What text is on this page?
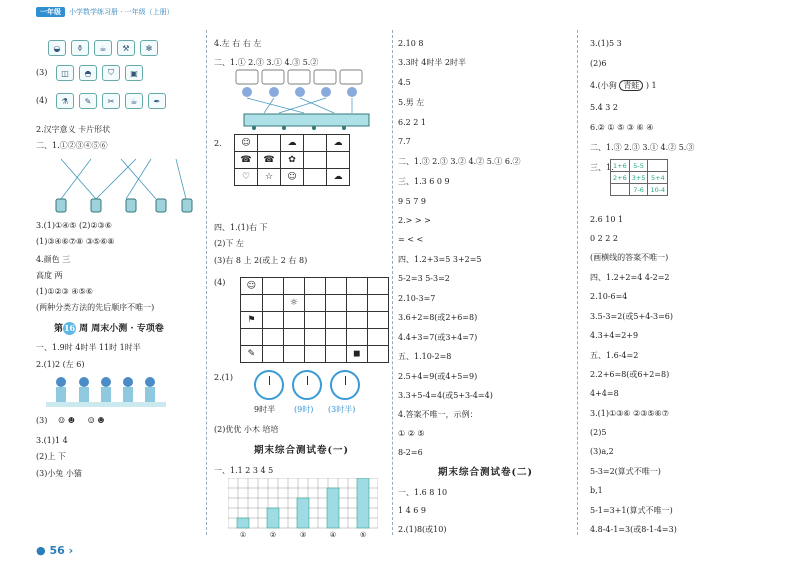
一年级	小学数学练习册 · 一年级（上册）
◒	⚱	☕	⚒	✻
(3)	◫	◓	⛉	▣
(4)	⚗	✎	✂	☕	✒
2.汉字意义 卡片形状
二、1.①②③④⑤⑥
3.(1)①④⑤ (2)②③⑥
(1)③④⑥⑦⑧ ③⑤⑥⑧
4.颜色 三
高度 两
(1)①②③ ④⑤⑥
(两种分类方法的先后顺序不唯一)
第16 周 周末小测 · 专项卷
一、1.9时 4时半 11时 1时半
2.(1)2 (左 6)
(3) ☺ ☻     ☺ ☻
3.(1)1 4
(2)上 下
(3)小兔 小猫
4.左 右 右 左
二、1.① 2.③ 3.① 4.③ 5.②
2. ☺		☁		☁
☎	☎	✿		
♡	☆	☺		☁
四、1.(1)右 下
(2)下 左
(3)右 8 上 2(或上 2 右 8)
(4) ☺						
		☼				
⚑						

✎					◼	
2.(1)
9时半 (9时) (3时半)
(2)优优 小木 培培
期末综合测试卷(一)
一、1.1 2 3 4 5
①	②	③	④	⑤
2.10 8
3.3时 4时半 2时半
4.5
5.男 左
6.2 2 1
7.7
二、1.③ 2.③ 3.② 4.② 5.① 6.②
三、1.3 6 0 9
9 5 7 9
2.> > >
= < <
四、1.2+3=5 3+2=5
5-2=3 5-3=2
2.10-3=7
3.6+2=8(或2+6=8)
4.4+3=7(或3+4=7)
五、1.10-2=8
2.5+4=9(或4+5=9)
3.3+5-4=4(或5+3-4=4)
4.答案不唯一，示例：
① ② ⑤
8-2=6
期末综合测试卷(二)
一、1.6 8 10
1 4 6 9
2.(1)8(或10)
3.(1)5 3
(2)6
4.(小狗 青蛙 ) 1
5.4 3 2
6.② ① ⑤ ③ ⑥ ④
二、1.③ 2.③ 3.① 4.② 5.③
三、1. 1+6	5-5	
2+6	3+5	5+4
	7-6	10-4
2.6 10 1
0 2 2 2
(画横线的答案不唯一)
四、1.2+2=4 4-2=2
2.10-6=4
3.5-3=2(或5+4-3=6)
4.3+4=2+9
五、1.6-4=2
2.2+6=8(或6+2=8)
4+4=8
3.(1)①③⑥ ②③⑤⑥⑦
(2)5
(3)a,2
5-3=2(算式不唯一)
b,1
5-1=3+1(算式不唯一)
4.8-4-1=3(或8-1-4=3)
● 56 ›
